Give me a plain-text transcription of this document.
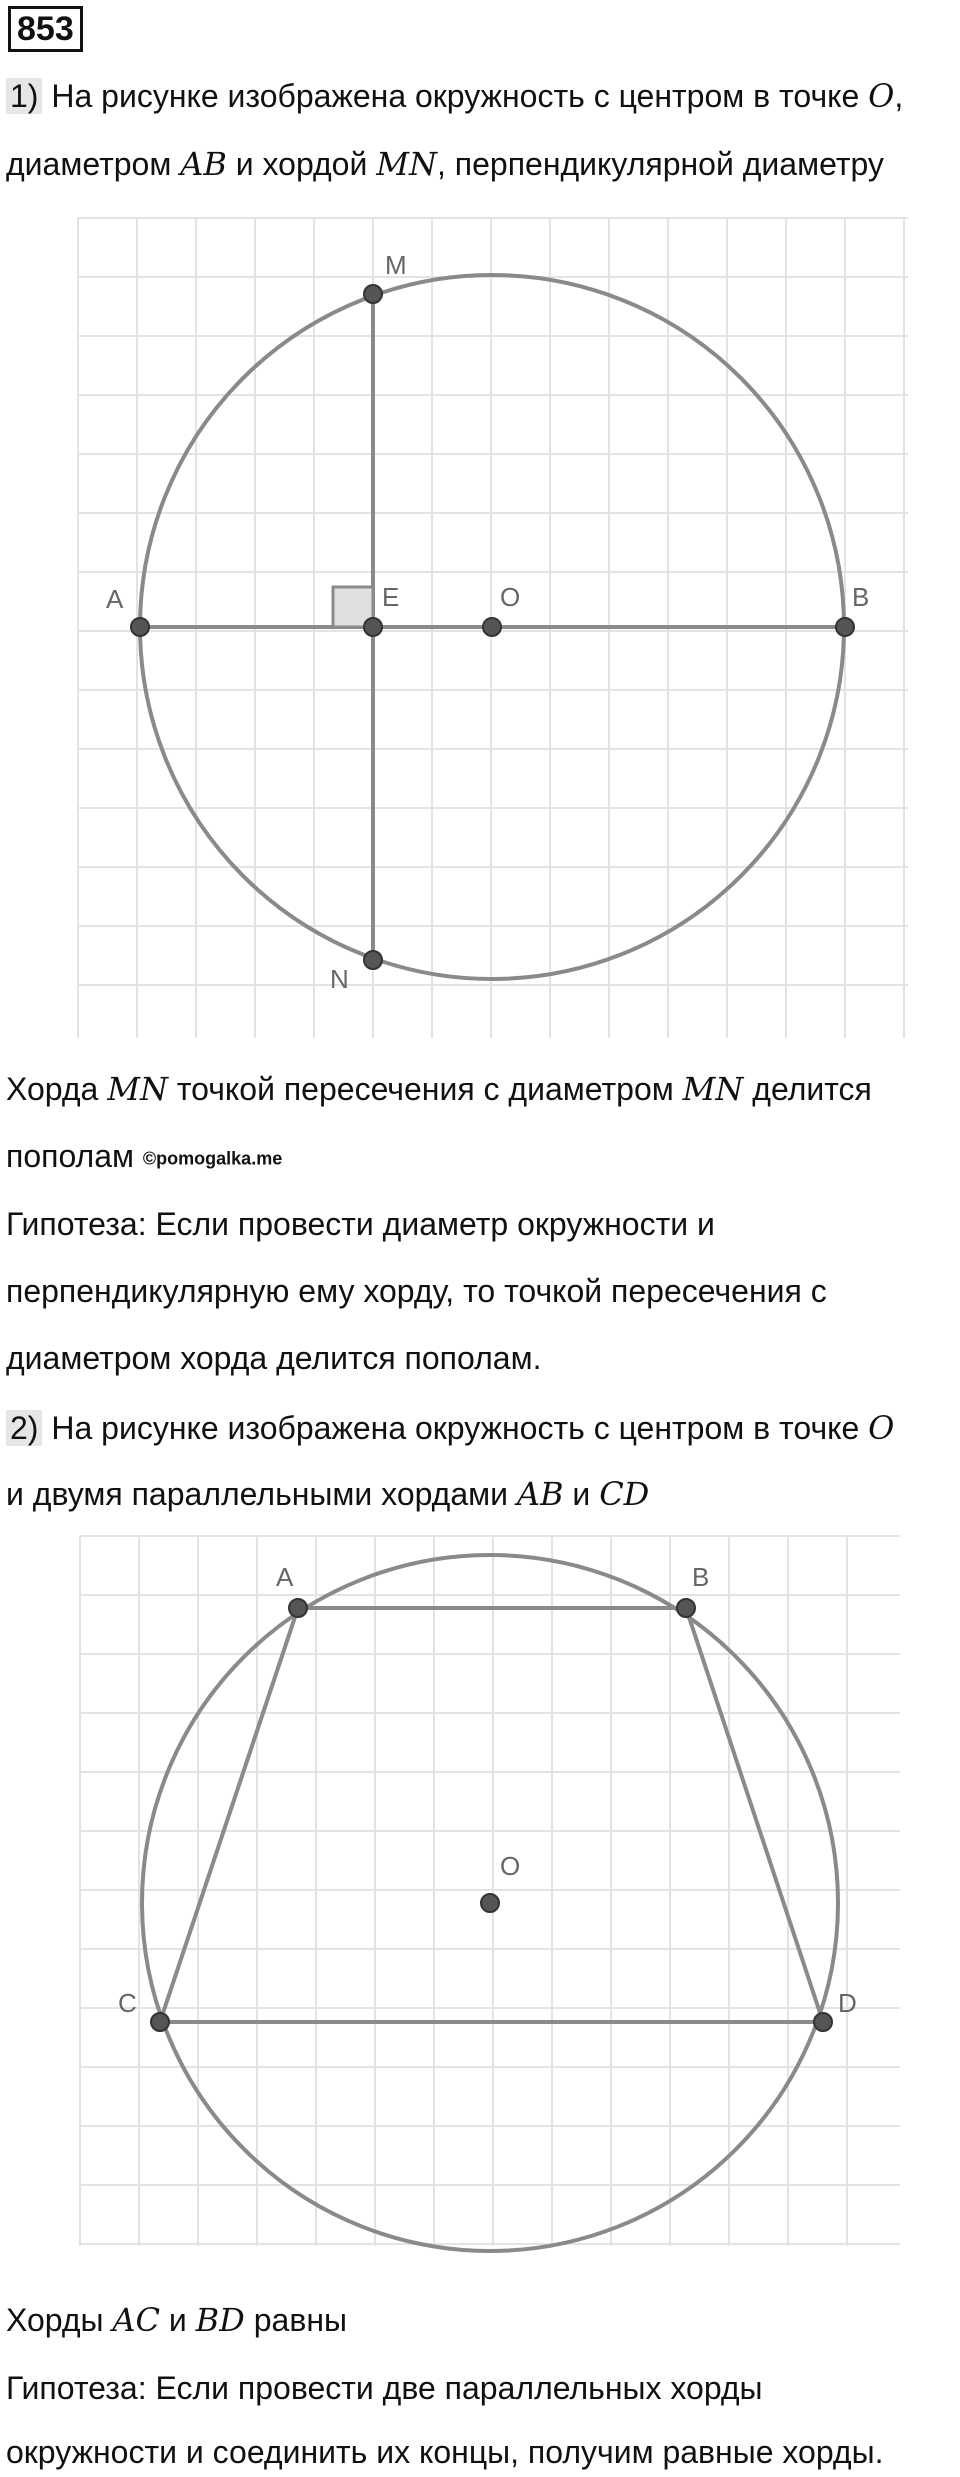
853
1) На рисунке изображена окружность с центром в точке O,
диаметром AB и хордой MN, перпендикулярной диаметру
M
A	E	O	B
N
Хорда MN точкой пересечения с диаметром MN делится
пополам ©pomogalka.me
Гипотеза: Если провести диаметр окружности и
перпендикулярную ему хорду, то точкой пересечения с
диаметром хорда делится пополам.
2) На рисунке изображена окружность с центром в точке O
и двумя параллельными хордами AB и CD
A	B
O
C	D
Хорды AC и BD равны
Гипотеза: Если провести две параллельных хорды
окружности и соединить их концы, получим равные хорды.
